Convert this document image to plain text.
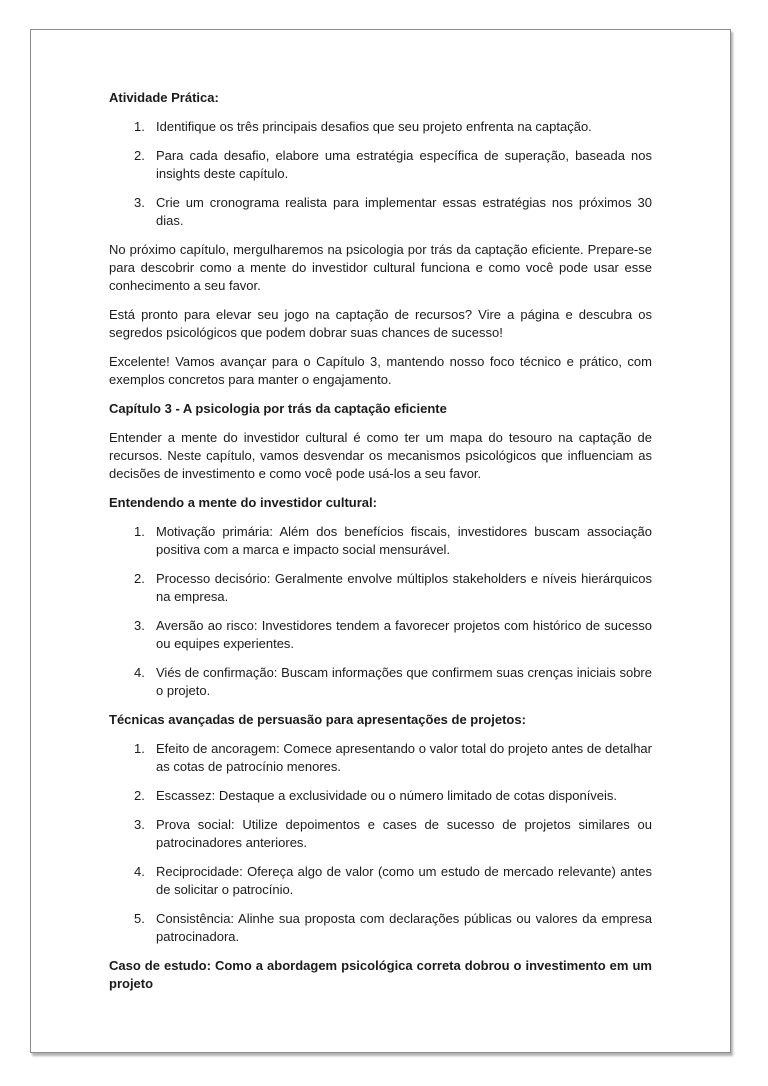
Atividade Prática:
1. Identifique os três principais desafios que seu projeto enfrenta na captação.
2. Para cada desafio, elabore uma estratégia específica de superação, baseada nos insights deste capítulo.
3. Crie um cronograma realista para implementar essas estratégias nos próximos 30 dias.

No próximo capítulo, mergulharemos na psicologia por trás da captação eficiente. Prepare-se para descobrir como a mente do investidor cultural funciona e como você pode usar esse conhecimento a seu favor.

Está pronto para elevar seu jogo na captação de recursos? Vire a página e descubra os segredos psicológicos que podem dobrar suas chances de sucesso!

Excelente! Vamos avançar para o Capítulo 3, mantendo nosso foco técnico e prático, com exemplos concretos para manter o engajamento.

Capítulo 3 - A psicologia por trás da captação eficiente

Entender a mente do investidor cultural é como ter um mapa do tesouro na captação de recursos. Neste capítulo, vamos desvendar os mecanismos psicológicos que influenciam as decisões de investimento e como você pode usá-los a seu favor.

Entendendo a mente do investidor cultural:
1. Motivação primária: Além dos benefícios fiscais, investidores buscam associação positiva com a marca e impacto social mensurável.
2. Processo decisório: Geralmente envolve múltiplos stakeholders e níveis hierárquicos na empresa.
3. Aversão ao risco: Investidores tendem a favorecer projetos com histórico de sucesso ou equipes experientes.
4. Viés de confirmação: Buscam informações que confirmem suas crenças iniciais sobre o projeto.
Técnicas avançadas de persuasão para apresentações de projetos:
1. Efeito de ancoragem: Comece apresentando o valor total do projeto antes de detalhar as cotas de patrocínio menores.
2. Escassez: Destaque a exclusividade ou o número limitado de cotas disponíveis.
3. Prova social: Utilize depoimentos e cases de sucesso de projetos similares ou patrocinadores anteriores.
4. Reciprocidade: Ofereça algo de valor (como um estudo de mercado relevante) antes de solicitar o patrocínio.
5. Consistência: Alinhe sua proposta com declarações públicas ou valores da empresa patrocinadora.
Caso de estudo: Como a abordagem psicológica correta dobrou o investimento em um projeto
